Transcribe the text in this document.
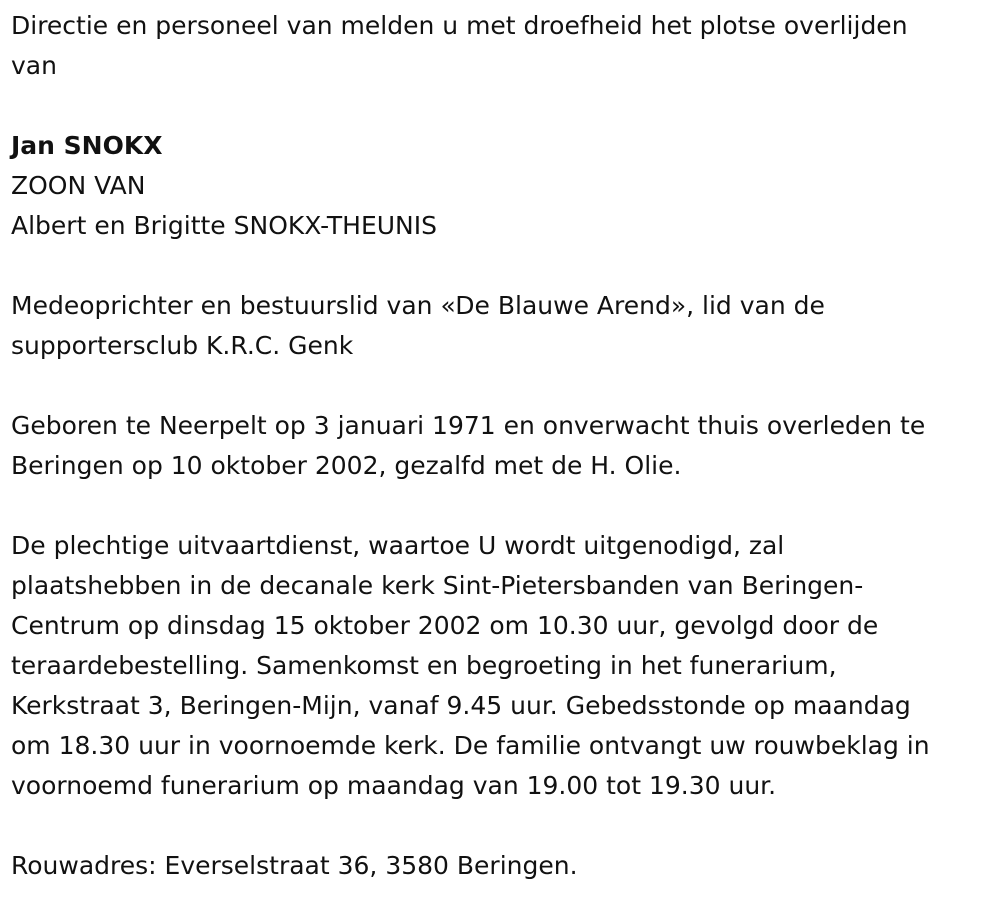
Directie en personeel van melden u met droefheid het plotse overlijden
van

Jan SNOKX

ZOON VAN

Albert en Brigitte SNOKX-THEUNIS

Medeoprichter en bestuurslid van «De Blauwe Arend», lid van de
supportersclub K.R.C. Genk

Geboren te Neerpelt op 3 januari 1971 en onverwacht thuis overleden te
Beringen op 10 oktober 2002, gezalfd met de H. Olie.

De plechtige uitvaartdienst, waartoe U wordt uitgenodigd, zal
plaatshebben in de decanale kerk Sint-Pietersbanden van Beringen-
Centrum op dinsdag 15 oktober 2002 om 10.30 uur, gevolgd door de
teraardebestelling. Samenkomst en begroeting in het funerarium,
Kerkstraat 3, Beringen-Mijn, vanaf 9.45 uur. Gebedsstonde op maandag
om 18.30 uur in voornoemde kerk. De familie ontvangt uw rouwbeklag in
voornoemd funerarium op maandag van 19.00 tot 19.30 uur.

Rouwadres: Everselstraat 36, 3580 Beringen.
